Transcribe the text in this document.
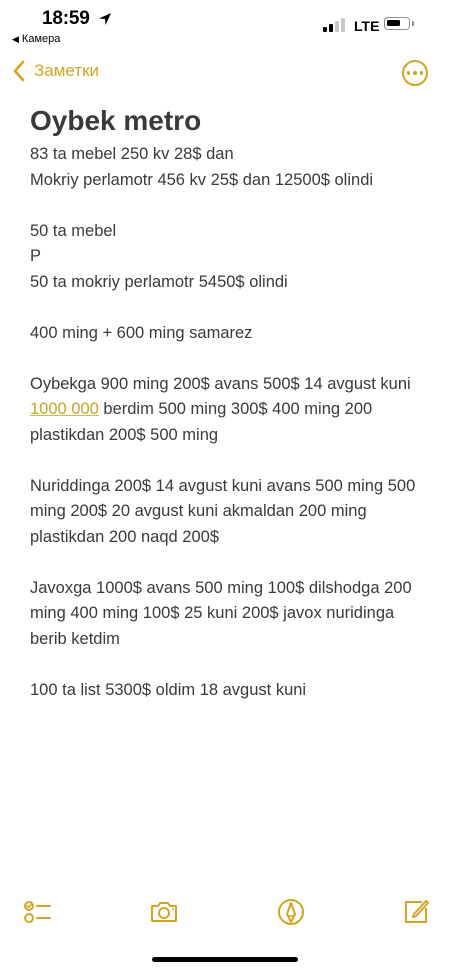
18:59
◀ Камера
LTE
Заметки
Oybek metro

83 ta mebel 250 kv 28$ dan

Mokriy perlamotr 456 kv 25$ dan 12500$ olindi

50 ta mebel

P

50 ta mokriy perlamotr 5450$ olindi

400 ming + 600 ming samarez

Oybekga 900 ming 200$ avans 500$ 14 avgust kuni 1000 000 berdim 500 ming 300$ 400 ming 200 plastikdan 200$ 500 ming

Nuriddinga 200$ 14 avgust kuni avans 500 ming 500 ming 200$ 20 avgust kuni akmaldan 200 ming plastikdan 200 naqd 200$

Javoxga 1000$ avans 500 ming 100$ dilshodga 200 ming 400 ming 100$ 25 kuni 200$ javox nuridinga berib ketdim

100 ta list 5300$ oldim 18 avgust kuni
